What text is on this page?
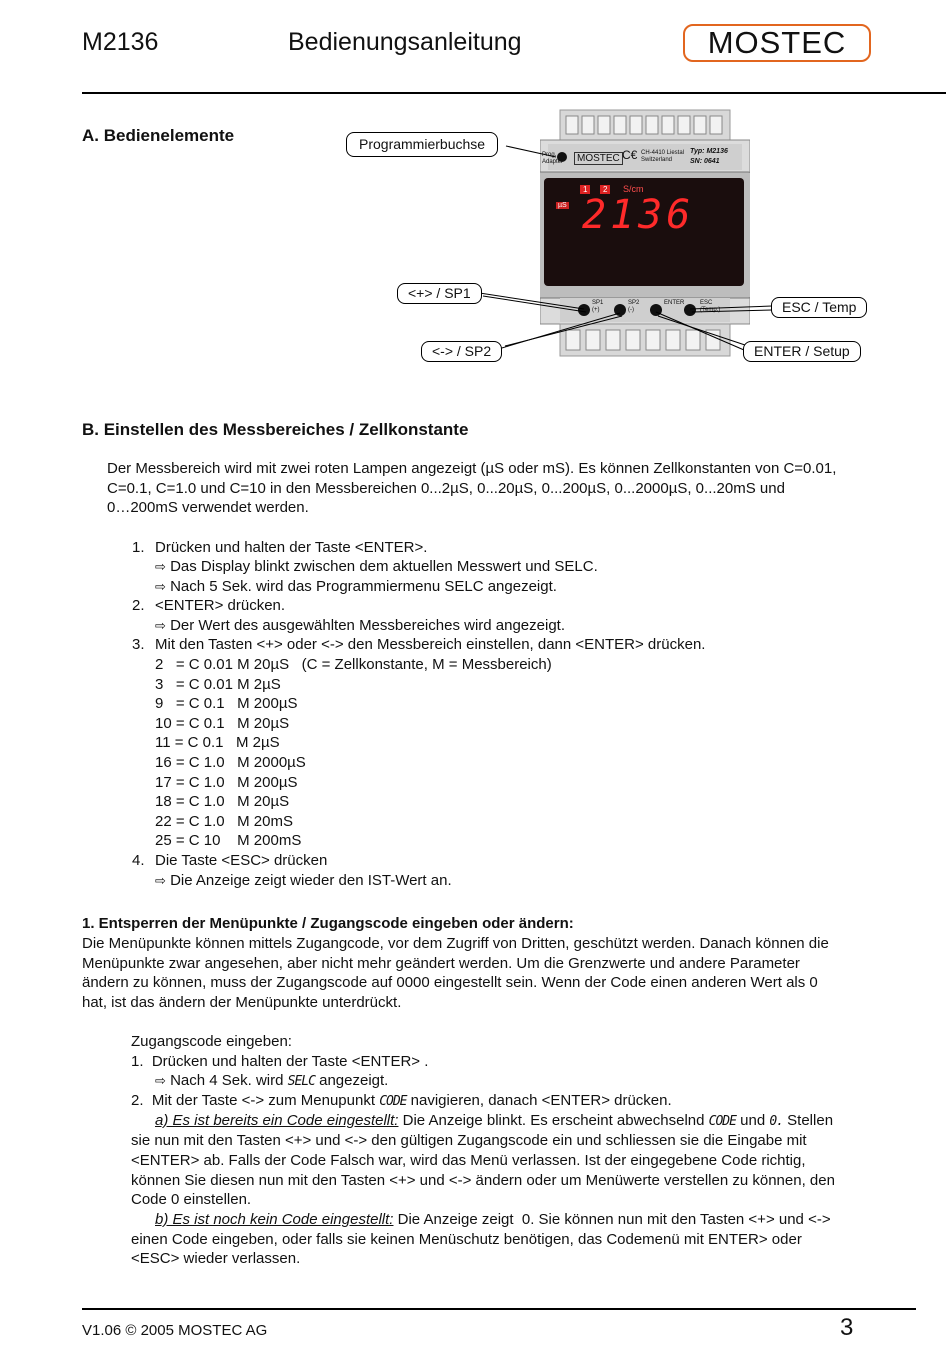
M2136	Bedienungsanleitung	MOSTEC
A. Bedienelemente
Prog.
Adapter	MOSTEC C€ CH-4410 Liestal
Switzerland
Typ: M2136
SN: 0641
1	2	S/cm
µS 2136
SP1
(+)
SP2
(-)
ENTER	ESC
(Temp.)
Programmierbuchse
<+> / SP1
<-> / SP2
ESC / Temp
ENTER / Setup
B. Einstellen des Messbereiches / Zellkonstante
Der Messbereich wird mit zwei roten Lampen angezeigt (µS oder mS). Es können Zellkonstanten von C=0.01,
C=0.1, C=1.0 und C=10 in den Messbereichen 0...2µS, 0...20µS, 0...200µS, 0...2000µS, 0...20mS und
0…200mS verwendet werden.
1. Drücken und halten der Taste <ENTER>.
⇨ Das Display blinkt zwischen dem aktuellen Messwert und SELC.
⇨ Nach 5 Sek. wird das Programmiermenu SELC angezeigt.
2. <ENTER> drücken.
⇨ Der Wert des ausgewählten Messbereiches wird angezeigt.
3. Mit den Tasten <+> oder <-> den Messbereich einstellen, dann <ENTER> drücken.
2   = C 0.01 M 20µS   (C = Zellkonstante, M = Messbereich)
3   = C 0.01 M 2µS
9   = C 0.1   M 200µS
10 = C 0.1   M 20µS
11 = C 0.1   M 2µS
16 = C 1.0   M 2000µS
17 = C 1.0   M 200µS
18 = C 1.0   M 20µS
22 = C 1.0   M 20mS
25 = C 10    M 200mS
4. Die Taste <ESC> drücken
⇨ Die Anzeige zeigt wieder den IST-Wert an.
1. Entsperren der Menüpunkte / Zugangscode eingeben oder ändern:
Die Menüpunkte können mittels Zugangcode, vor dem Zugriff von Dritten, geschützt werden. Danach können die
Menüpunkte zwar angesehen, aber nicht mehr geändert werden. Um die Grenzwerte und andere Parameter
ändern zu können, muss der Zugangscode auf 0000 eingestellt sein. Wenn der Code einen anderen Wert als 0
hat, ist das ändern der Menüpunkte unterdrückt.
Zugangscode eingeben:
1.  Drücken und halten der Taste <ENTER> .
⇨ Nach 4 Sek. wird SELC angezeigt.
2.  Mit der Taste <-> zum Menupunkt CODE navigieren, danach <ENTER> drücken.
a) Es ist bereits ein Code eingestellt: Die Anzeige blinkt. Es erscheint abwechselnd CODE und 0. Stellen
sie nun mit den Tasten <+> und <-> den gültigen Zugangscode ein und schliessen sie die Eingabe mit
<ENTER> ab. Falls der Code Falsch war, wird das Menü verlassen. Ist der eingegebene Code richtig,
können Sie diesen nun mit den Tasten <+> und <-> ändern oder um Menüwerte verstellen zu können, den
Code 0 einstellen.
b) Es ist noch kein Code eingestellt: Die Anzeige zeigt  0. Sie können nun mit den Tasten <+> und <->
einen Code eingeben, oder falls sie keinen Menüschutz benötigen, das Codemenü mit ENTER> oder
<ESC> wieder verlassen.
V1.06 © 2005 MOSTEC AG	3
